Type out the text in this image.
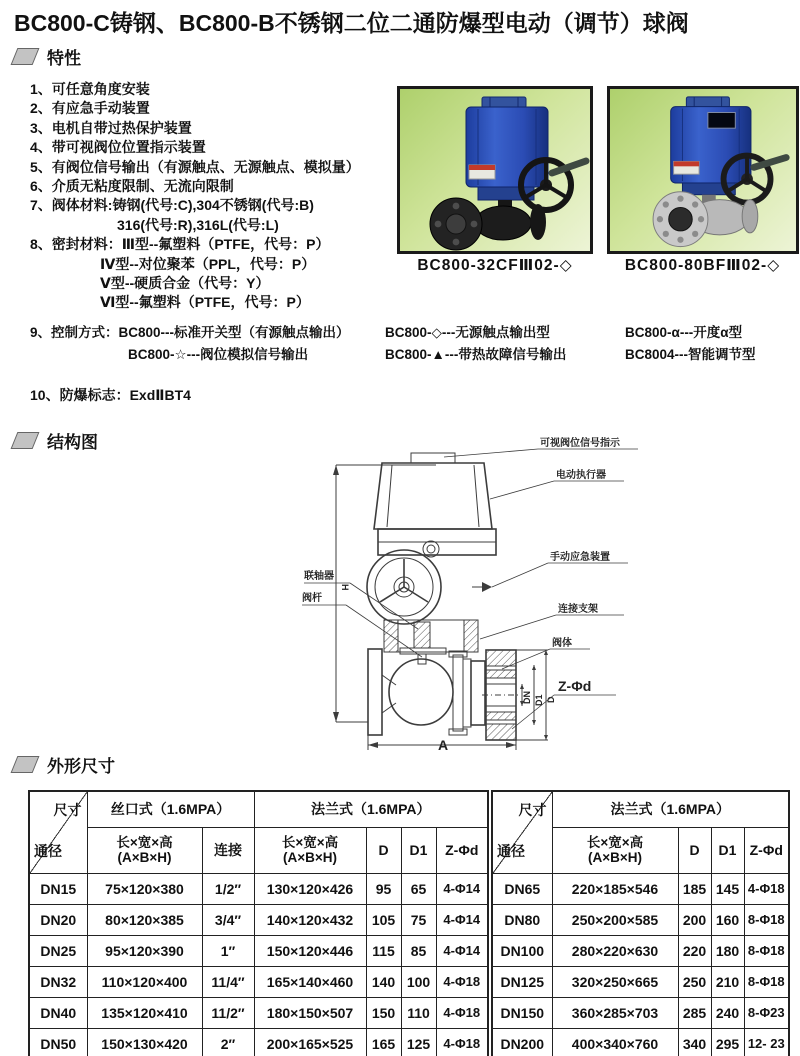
BC800-C铸钢、BC800-B不锈钢二位二通防爆型电动（调节）球阀
特性
1、可任意角度安装
2、有应急手动装置
3、电机自带过热保护装置
4、带可视阀位位置指示装置
5、有阀位信号输出（有源触点、无源触点、模拟量）
6、介质无粘度限制、无流向限制
7、阀体材料:铸钢(代号:C),304不锈钢(代号:B)
316(代号:R),316L(代号:L)
8、密封材料：Ⅲ型--氟塑料（PTFE，代号：P）
Ⅳ型--对位聚苯（PPL，代号：P）
Ⅴ型--硬质合金（代号：Y）
Ⅵ型--氟塑料（PTFE，代号：P）
9、控制方式：BC800---标准开关型（有源触点输出）
BC800-☆---阀位模拟信号输出
BC800-◇---无源触点输出型
BC800-▲---带热故障信号输出
BC800-α---开度α型
BC8004---智能调节型
10、防爆标志：ExdⅡBT4
BC800-32CFⅢ02-◇	BC800-80BFⅢ02-◇
结构图
H
DN D1 D
A
可视阀位信号指示
电动执行器
手动应急装置
连接支架
阀体
Z-Φd
联轴器
阀杆
外形尺寸
尺寸
通径	丝口式（1.6MPA）		法兰式（1.6MPA）			

长×宽×高
(A×B×H)	连接	长×宽×高
(A×B×H)	D	D1	Z-Φd
DN15	75×120×380	1/2″	130×120×426	95	65	4-Φ14
DN20	80×120×385	3/4″	140×120×432	105	75	4-Φ14
DN25	95×120×390	1″	150×120×446	115	85	4-Φ14
DN32	110×120×400	11/4″	165×140×460	140	100	4-Φ18
DN40	135×120×410	11/2″	180×150×507	150	110	4-Φ18
DN50	150×130×420	2″	200×165×525	165	125	4-Φ18
尺寸
通径	法兰式（1.6MPA）			

	长×宽×高
(A×B×H)	D	D1	Z-Φd
DN65	220×185×546	185	145	4-Φ18
DN80	250×200×585	200	160	8-Φ18
DN100	280×220×630	220	180	8-Φ18
DN125	320×250×665	250	210	8-Φ18
DN150	360×285×703	285	240	8-Φ23
DN200	400×340×760	340	295	12- 23
